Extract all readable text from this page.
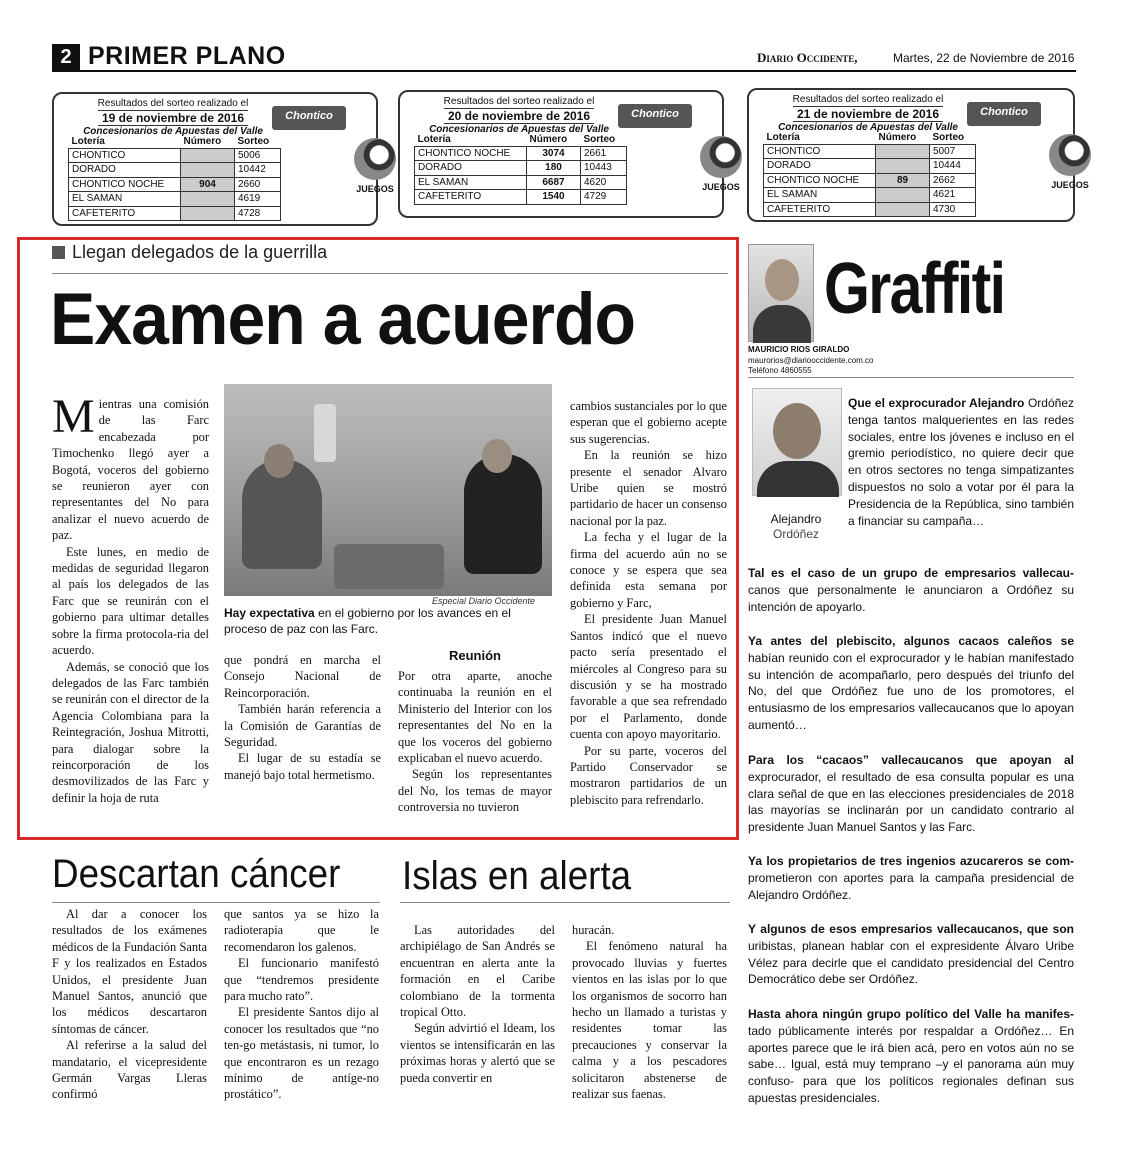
2 PRIMER PLANO	Diario Occidente,	Martes, 22 de Noviembre de 2016
Resultados del sorteo realizado el
19 de noviembre de 2016
Concesionarios de Apuestas del Valle
Chontico
Lotería	Número	Sorteo
CHONTICO		5006
DORADO		10442
CHONTICO NOCHE	904	2660
EL SAMAN		4619
CAFETERITO		4728
JUEGOS
Resultados del sorteo realizado el
20 de noviembre de 2016
Concesionarios de Apuestas del Valle
Chontico
Lotería	Número	Sorteo
CHONTICO NOCHE	3074	2661
DORADO	180	10443
EL SAMAN	6687	4620
CAFETERITO	1540	4729
JUEGOS
Resultados del sorteo realizado el
21 de noviembre de 2016
Concesionarios de Apuestas del Valle
Chontico
Lotería	Número	Sorteo
CHONTICO		5007
DORADO		10444
CHONTICO NOCHE	89	2662
EL SAMAN		4621
CAFETERITO		4730
JUEGOS
Llegan delegados de la guerrilla
Examen a acuerdo

Mientras una comisión de las Farc encabezada por Timochenko llegó ayer a Bogotá, voceros del gobierno se reunieron ayer con representantes del No para analizar el nuevo acuerdo de paz.

Este lunes, en medio de medidas de seguridad llegaron al país los delegados de las Farc que se reunirán con el gobierno para ultimar detalles sobre la firma protocola-ria del acuerdo.

Además, se conoció que los delegados de las Farc también se reunirán con el director de la Agencia Colombiana para la Reintegración, Joshua Mitrotti, para dialogar sobre la reincorporación de los desmovilizados de las Farc y definir la hoja de ruta

Especial Diario Occidente
Hay expectativa en el gobierno por los avances en el proceso de paz con las Farc.

que pondrá en marcha el Consejo Nacional de Reincorporación.

También harán referencia a la Comisión de Garantías de Seguridad.

El lugar de su estadía se manejó bajo total hermetismo.

Reunión

Por otra aparte, anoche continuaba la reunión en el Ministerio del Interior con los representantes del No en la que los voceros del gobierno explicaban el nuevo acuerdo.

Según los representantes del No, los temas de mayor controversia no tuvieron

cambios sustanciales por lo que esperan que el gobierno acepte sus sugerencias.

En la reunión se hizo presente el senador Alvaro Uribe quien se mostró partidario de hacer un consenso nacional por la paz.

La fecha y el lugar de la firma del acuerdo aún no se conoce y se espera que sea definida esta semana por gobierno y Farc,

El presidente Juan Manuel Santos indicó que el nuevo pacto sería presentado el miércoles al Congreso para su discusión y se ha mostrado favorable a que sea refrendado por el Parlamento, donde cuenta con apoyo mayoritario.

Por su parte, voceros del Partido Conservador se mostraron partidarios de un plebiscito para refrendarlo.

Graffiti
MAURICIO RIOS GIRALDO
maurorios@diariooccidente.com.co
Teléfono 4860555
Alejandro
Ordóñez
Que el exprocurador Alejandro Ordóñez tenga tantos malquerientes en las redes sociales, entre los jóvenes e incluso en el gremio periodístico, no quiere decir que en otros sectores no tenga simpatizantes dispuestos no solo a votar por él para la Presidencia de la República, sino también a financiar su campaña…
Tal es el caso de un grupo de empresarios vallecau-canos que personalmente le anunciaron a Ordóñez su intención de apoyarlo.
Ya antes del plebiscito, algunos cacaos caleños se habían reunido con el exprocurador y le habían manifestado su intención de acompañarlo, pero después del triunfo del No, del que Ordóñez fue uno de los promotores, el entusiasmo de los empresarios vallecaucanos que lo apoyan aumentó…
Para los “cacaos” vallecaucanos que apoyan al exprocurador, el resultado de esa consulta popular es una clara señal de que en las elecciones presidenciales de 2018 las mayorías se inclinarán por un candidato contrario al presidente Juan Manuel Santos y las Farc.
Ya los propietarios de tres ingenios azucareros se com-prometieron con aportes para la campaña presidencial de Alejandro Ordóñez.
Y algunos de esos empresarios vallecaucanos, que son uribistas, planean hablar con el expresidente Álvaro Uribe Vélez para decirle que el candidato presidencial del Centro Democrático debe ser Ordóñez.
Hasta ahora ningún grupo político del Valle ha manifes-tado públicamente interés por respaldar a Ordóñez… En aportes parece que le irá bien acá, pero en votos aún no se sabe… Igual, está muy temprano –y el panorama aún muy confuso- para que los políticos regionales definan sus apuestas presidenciales.
Descartan cáncer

Al dar a conocer los resultados de los exámenes médicos de la Fundación Santa F y los realizados en Estados Unidos, el presidente Juan Manuel Santos, anunció que los médicos descartaron síntomas de cáncer.

Al referirse a la salud del mandatario, el vicepresidente Germán Vargas Lleras confirmó

que santos ya se hizo la radioterapia que le recomendaron los galenos.

El funcionario manifestó que “tendremos presidente para mucho rato”.

El presidente Santos dijo al conocer los resultados que “no ten-go metástasis, ni tumor, lo que encontraron es un rezago mínimo de antíge-no prostático”.

Islas en alerta

Las autoridades del archipiélago de San Andrés se encuentran en alerta ante la formación en el Caribe colombiano de la tormenta tropical Otto.

Según advirtió el Ideam, los vientos se intensificarán en las próximas horas y alertó que se pueda convertir en

huracán.

El fenómeno natural ha provocado lluvias y fuertes vientos en las islas por lo que los organismos de socorro han hecho un llamado a turistas y residentes tomar las precauciones y conservar la calma y a los pescadores solicitaron abstenerse de realizar sus faenas.
